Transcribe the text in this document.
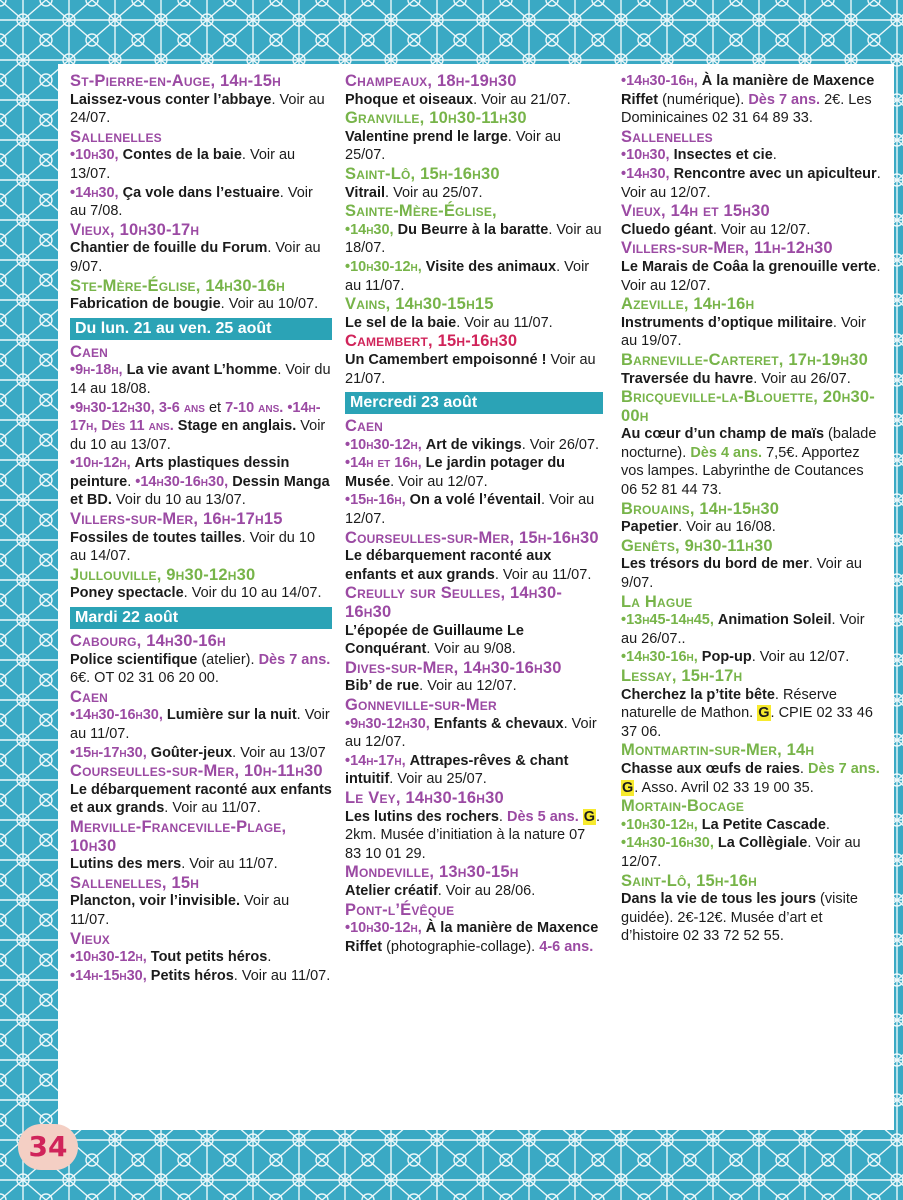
St-Pierre-en-Auge, 14h-15h
Laissez-vous conter l’abbaye. Voir au 24/07.
Sallenelles
•10h30, Contes de la baie. Voir au 13/07.
•14h30, Ça vole dans l’estuaire. Voir au 7/08.
Vieux, 10h30-17h
Chantier de fouille du Forum. Voir au 9/07.
Ste-Mère-Église, 14h30-16h
Fabrication de bougie. Voir au 10/07.
Du lun. 21 au ven. 25 août
Caen
•9h-18h, La vie avant L’homme. Voir du 14 au 18/08.
•9h30-12h30, 3-6 ans et 7-10 ans. •14h-17h, Dès 11 ans. Stage en anglais. Voir du 10 au 13/07.
•10h-12h, Arts plastiques dessin peinture. •14h30-16h30, Dessin Manga et BD. Voir du 10 au 13/07.
Villers-sur-Mer, 16h-17h15
Fossiles de toutes tailles. Voir du 10 au 14/07.
Jullouville, 9h30-12h30
Poney spectacle. Voir du 10 au 14/07.
Mardi 22 août
Cabourg, 14h30-16h
Police scientifique (atelier). Dès 7 ans. 6€. OT 02 31 06 20 00.
Caen
•14h30-16h30, Lumière sur la nuit. Voir au 11/07.
•15h-17h30, Goûter-jeux. Voir au 13/07
Courseulles-sur-Mer, 10h-11h30
Le débarquement raconté aux enfants et aux grands. Voir au 11/07.
Merville-Franceville-Plage, 10h30
Lutins des mers. Voir au 11/07.
Sallenelles, 15h
Plancton, voir l’invisible. Voir au 11/07.
Vieux
•10h30-12h, Tout petits héros.
•14h-15h30, Petits héros. Voir au 11/07.
Champeaux, 18h-19h30
Phoque et oiseaux. Voir au 21/07.
Granville, 10h30-11h30
Valentine prend le large. Voir au 25/07.
Saint-Lô, 15h-16h30
Vitrail. Voir au 25/07.
Sainte-Mère-Église,
•14h30, Du Beurre à la baratte. Voir au 18/07.
•10h30-12h, Visite des animaux. Voir au 11/07.
Vains, 14h30-15h15
Le sel de la baie. Voir au 11/07.
Camembert, 15h-16h30
Un Camembert empoisonné ! Voir au 21/07.
Mercredi 23 août
Caen
•10h30-12h, Art de vikings. Voir 26/07.
•14h et 16h, Le jardin potager du Musée. Voir au 12/07.
•15h-16h, On a volé l’éventail. Voir au 12/07.
Courseulles-sur-Mer, 15h-16h30
Le débarquement raconté aux enfants et aux grands. Voir au 11/07.
Creully sur Seulles, 14h30-16h30
L’épopée de Guillaume Le Conquérant. Voir au 9/08.
Dives-sur-Mer, 14h30-16h30
Bib’ de rue. Voir au 12/07.
Gonneville-sur-Mer
•9h30-12h30, Enfants & chevaux. Voir au 12/07.
•14h-17h, Attrapes-rêves & chant intuitif. Voir au 25/07.
Le Vey, 14h30-16h30
Les lutins des rochers. Dès 5 ans. G. 2km. Musée d’initiation à la nature 07 83 10 01 29.
Mondeville, 13h30-15h
Atelier créatif. Voir au 28/06.
Pont-l’Évêque
•10h30-12h, À la manière de Maxence Riffet (photographie-collage). 4-6 ans.
•14h30-16h, À la manière de Maxence Riffet (numérique). Dès 7 ans. 2€. Les Dominicaines 02 31 64 89 33.
Sallenelles
•10h30, Insectes et cie.
•14h30, Rencontre avec un apiculteur. Voir au 12/07.
Vieux, 14h et 15h30
Cluedo géant. Voir au 12/07.
Villers-sur-Mer, 11h-12h30
Le Marais de Coâa la grenouille verte. Voir au 12/07.
Azeville, 14h-16h
Instruments d’optique militaire. Voir au 19/07.
Barneville-Carteret, 17h-19h30
Traversée du havre. Voir au 26/07.
Bricqueville-la-Blouette, 20h30-00h
Au cœur d’un champ de maïs (balade nocturne). Dès 4 ans. 7,5€. Apportez vos lampes. Labyrinthe de Coutances 06 52 81 44 73.
Brouains, 14h-15h30
Papetier. Voir au 16/08.
Genêts, 9h30-11h30
Les trésors du bord de mer. Voir au 9/07.
La Hague
•13h45-14h45, Animation Soleil. Voir au 26/07..
•14h30-16h, Pop-up. Voir au 12/07.
Lessay, 15h-17h
Cherchez la p’tite bête. Réserve naturelle de Mathon. G. CPIE 02 33 46 37 06.
Montmartin-sur-Mer, 14h
Chasse aux œufs de raies. Dès 7 ans. G. Asso. Avril 02 33 19 00 35.
Mortain-Bocage
•10h30-12h, La Petite Cascade.
•14h30-16h30, La Collègiale. Voir au 12/07.
Saint-Lô, 15h-16h
Dans la vie de tous les jours (visite guidée). 2€-12€. Musée d’art et d’histoire 02 33 72 52 55.
34
